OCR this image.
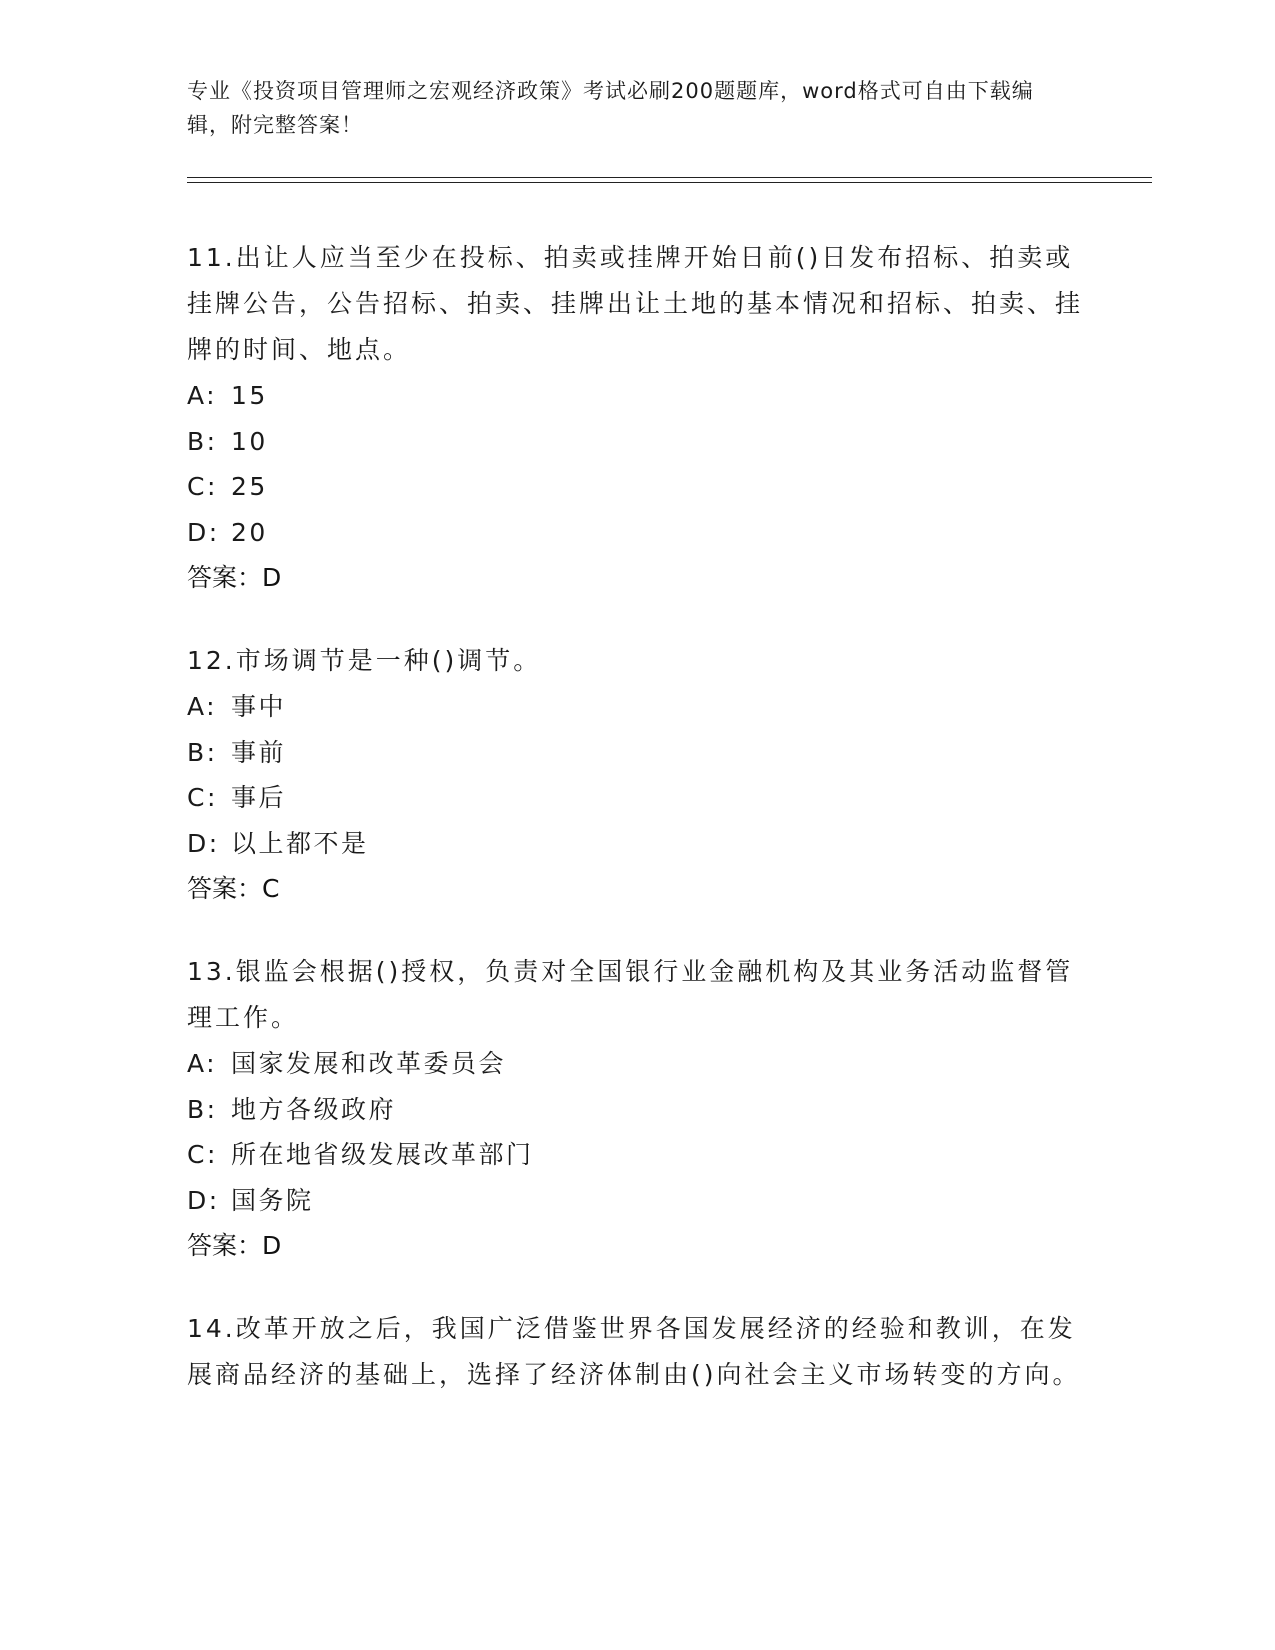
专业《投资项目管理师之宏观经济政策》考试必刷200题题库，word格式可自由下载编辑，附完整答案！

11.出让人应当至少在投标、拍卖或挂牌开始日前()日发布招标、拍卖或挂牌公告，公告招标、拍卖、挂牌出让土地的基本情况和招标、拍卖、挂牌的时间、地点。

A: 15

B: 10

C: 25

D: 20

答案：D

12.市场调节是一种()调节。

A: 事中

B: 事前

C: 事后

D: 以上都不是

答案：C

13.银监会根据()授权，负责对全国银行业金融机构及其业务活动监督管理工作。

A: 国家发展和改革委员会

B: 地方各级政府

C: 所在地省级发展改革部门

D: 国务院

答案：D

14.改革开放之后，我国广泛借鉴世界各国发展经济的经验和教训，在发展商品经济的基础上，选择了经济体制由()向社会主义市场转变的方向。
